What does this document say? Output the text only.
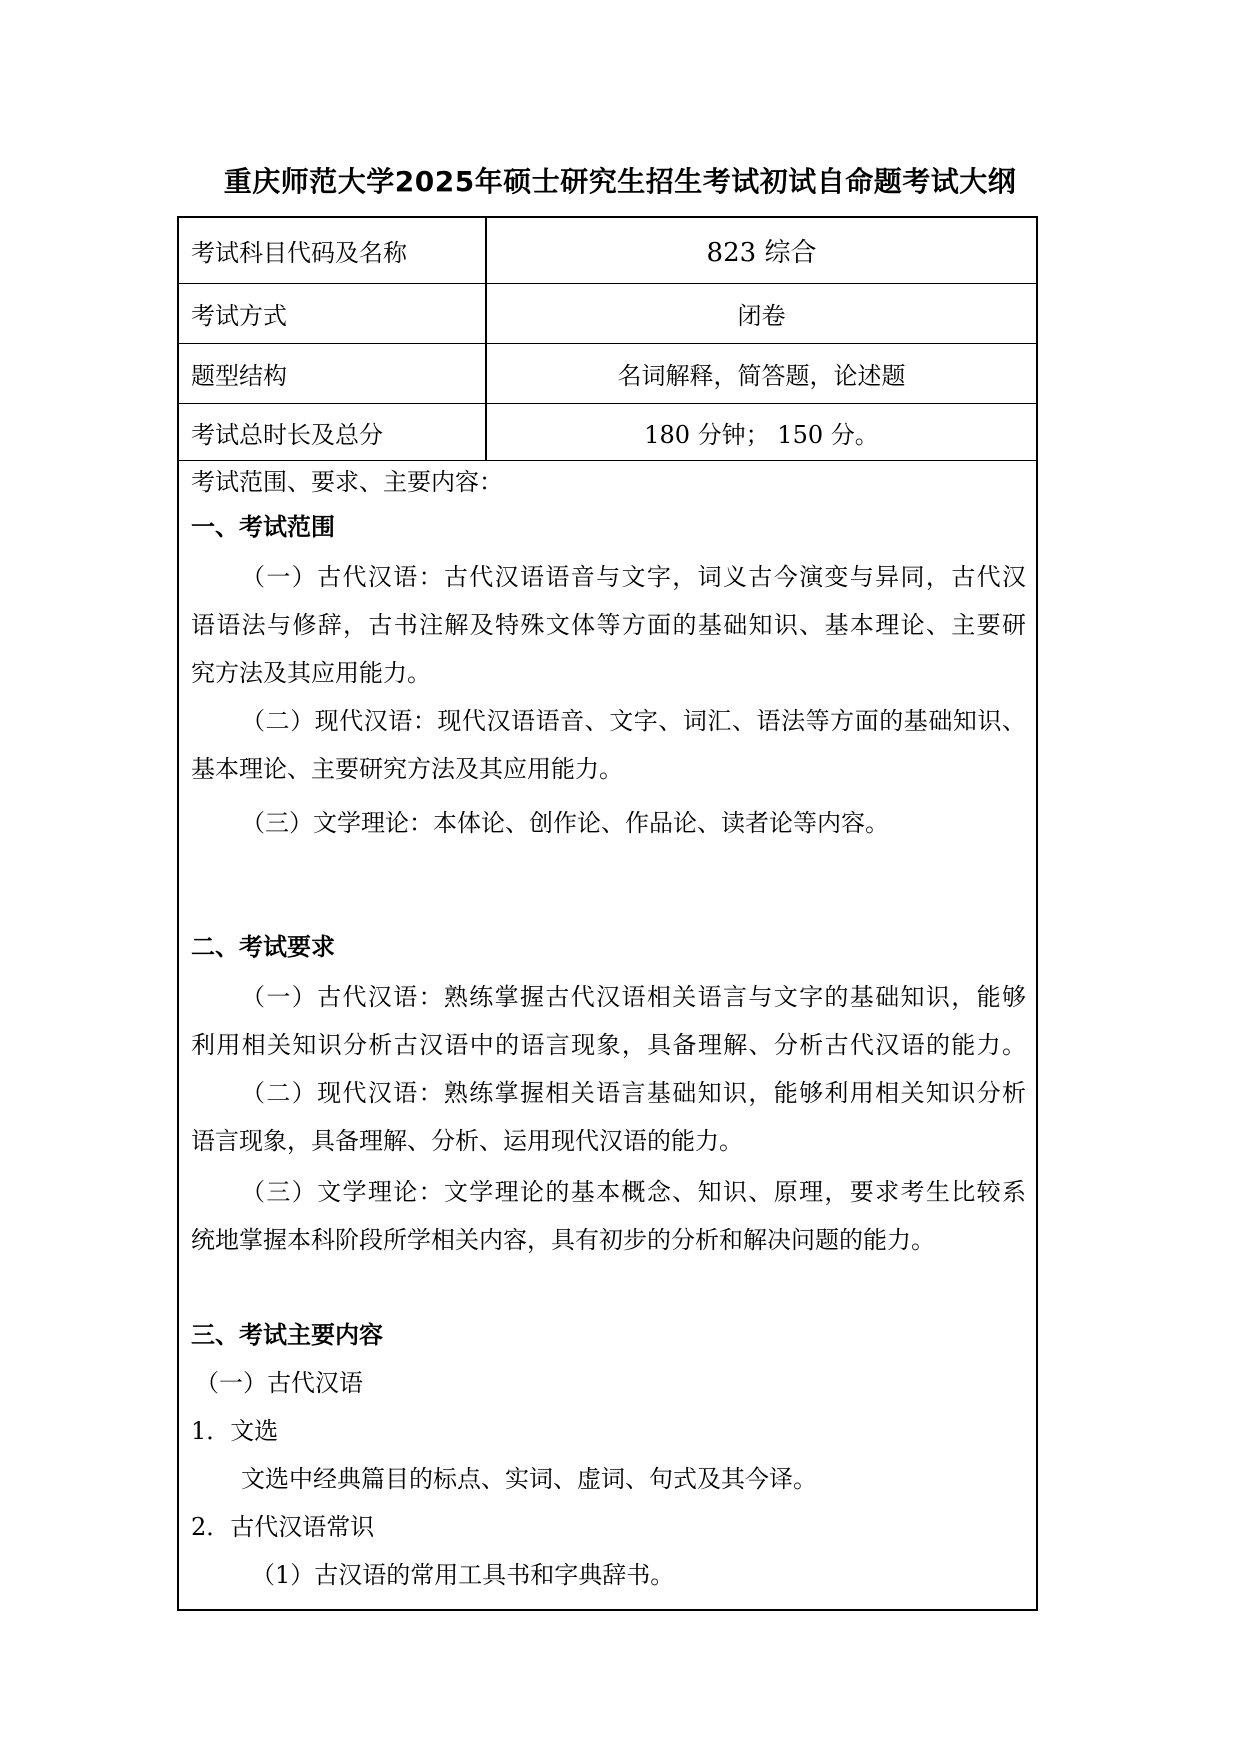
重庆师范大学2025年硕士研究生招生考试初试自命题考试大纲
考试科目代码及名称	823 综合
考试方式	闭卷
题型结构	名词解释，简答题，论述题
考试总时长及总分	180 分钟； 150 分。
考试范围、要求、主要内容：
一、考试范围
（一）古代汉语：古代汉语语音与文字，词义古今演变与异同，古代汉
语语法与修辞，古书注解及特殊文体等方面的基础知识、基本理论、主要研
究方法及其应用能力。
（二）现代汉语：现代汉语语音、文字、词汇、语法等方面的基础知识、
基本理论、主要研究方法及其应用能力。
（三）文学理论：本体论、创作论、作品论、读者论等内容。
二、考试要求
（一）古代汉语：熟练掌握古代汉语相关语言与文字的基础知识，能够
利用相关知识分析古汉语中的语言现象，具备理解、分析古代汉语的能力。
（二）现代汉语：熟练掌握相关语言基础知识，能够利用相关知识分析
语言现象，具备理解、分析、运用现代汉语的能力。
（三）文学理论：文学理论的基本概念、知识、原理，要求考生比较系
统地掌握本科阶段所学相关内容，具有初步的分析和解决问题的能力。
三、考试主要内容
（一）古代汉语
1．文选
文选中经典篇目的标点、实词、虚词、句式及其今译。
2．古代汉语常识
（1）古汉语的常用工具书和字典辞书。
